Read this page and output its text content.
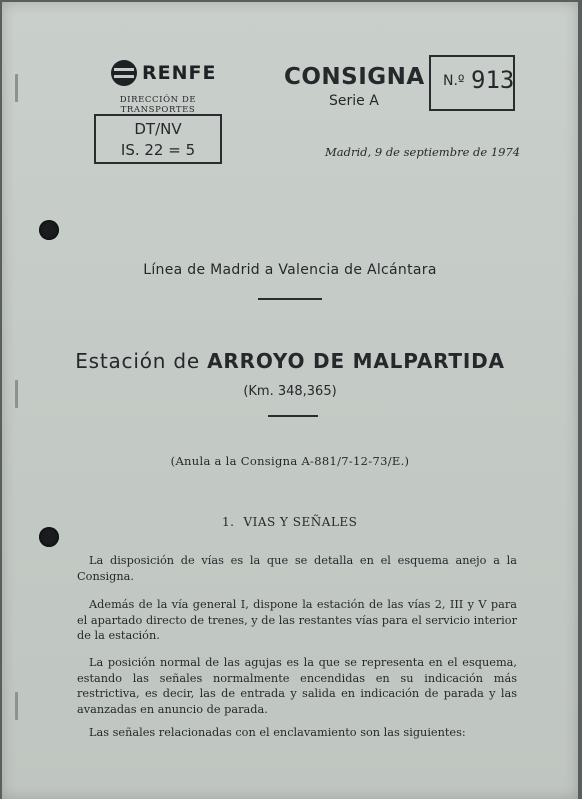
RENFE
DIRECCIÓN DE TRANSPORTES
DT/NV
IS. 22 = 5
CONSIGNA
Serie A
N.º 913
Madrid, 9 de septiembre de 1974
Línea de Madrid a Valencia de Alcántara
Estación de ARROYO DE MALPARTIDA
(Km. 348,365)
(Anula a la Consigna A-881/7-12-73/E.)
1. VIAS Y SEÑALES
La disposición de vías es la que se detalla en el esquema anejo a la Consigna.
Además de la vía general I, dispone la estación de las vías 2, III y V para el apartado directo de trenes, y de las restantes vías para el servicio interior de la estación.
La posición normal de las agujas es la que se representa en el esquema, estando las señales normalmente encendidas en su indicación más restrictiva, es decir, las de entrada y salida en indicación de parada y las avanzadas en anuncio de parada.
Las señales relacionadas con el enclavamiento son las siguientes:
